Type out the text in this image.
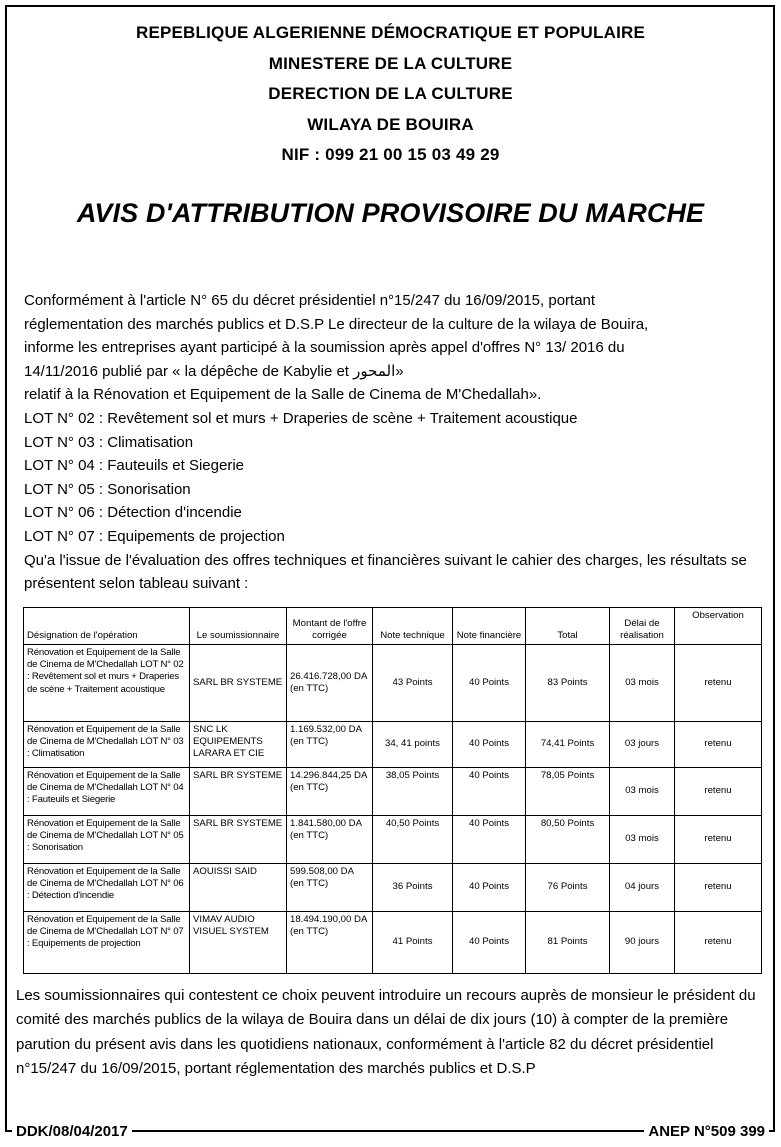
REPEBLIQUE ALGERIENNE DÉMOCRATIQUE ET POPULAIRE
MINESTERE DE LA CULTURE
DERECTION DE LA CULTURE
WILAYA DE BOUIRA
NIF : 099 21 00 15 03 49 29
AVIS D'ATTRIBUTION PROVISOIRE DU MARCHE
Conformément à l'article N° 65 du décret présidentiel n°15/247 du 16/09/2015, portant
réglementation des marchés publics et D.S.P Le directeur de la culture de la wilaya de Bouira,
informe les entreprises ayant participé à la soumission après appel d'offres N° 13/ 2016 du
14/11/2016 publié par « la dépêche de Kabylie et المحور»
relatif à la Rénovation et Equipement de la Salle de Cinema de M'Chedallah».
LOT N° 02 : Revêtement sol et murs + Draperies de scène + Traitement acoustique
LOT N° 03 : Climatisation
LOT N° 04 : Fauteuils et Siegerie
LOT N° 05 : Sonorisation
LOT N° 06 : Détection d'incendie
LOT N° 07 : Equipements de projection
Qu'a l'issue de l'évaluation des offres techniques et financières suivant le cahier des charges, les résultats se présentent selon tableau suivant :
Désignation de l'opération	Le soumissionnaire	Montant de l'offre corrigée	Note technique	Note financière	Total	Délai de réalisation	Observation
Rénovation et Equipement de la Salle de Cinema de M'Chedallah LOT N° 02 : Revêtement sol et murs + Draperies de scène + Traitement acoustique	SARL BR SYSTEME	26.416.728,00 DA (en TTC)	43 Points	40 Points	83 Points	03 mois	retenu
Rénovation et Equipement de la Salle de Cinema de M'Chedallah LOT N° 03 : Climatisation	SNC LK EQUIPEMENTS LARARA ET CIE	1.169.532,00 DA (en TTC)	34, 41 points	40 Points	74,41 Points	03 jours	retenu
Rénovation et Equipement de la Salle de Cinema de M'Chedallah LOT N° 04 : Fauteuils et Siegerie	SARL BR SYSTEME	14.296.844,25 DA (en TTC)	38,05 Points	40 Points	78,05 Points	03 mois	retenu
Rénovation et Equipement de la Salle de Cinema de M'Chedallah LOT N° 05 : Sonorisation	SARL BR SYSTEME	1.841.580,00 DA (en TTC)	40,50 Points	40 Points	80,50 Points	03 mois	retenu
Rénovation et Equipement de la Salle de Cinema de M'Chedallah LOT N° 06 : Détection d'incendie	AOUISSI SAID	599.508,00 DA (en TTC)	36 Points	40 Points	76 Points	04 jours	retenu
Rénovation et Equipement de la Salle de Cinema de M'Chedallah LOT N° 07 : Equipements de projection	VIMAV AUDIO VISUEL SYSTEM	18.494.190,00 DA (en TTC)	41 Points	40 Points	81 Points	90 jours	retenu
Les soumissionnaires qui contestent ce choix peuvent introduire un recours auprès de monsieur le président du comité des marchés publics de la wilaya de Bouira dans un délai de dix jours (10) à compter de la première parution du présent avis dans les quotidiens nationaux, conformément à l'article 82 du décret présidentiel n°15/247 du 16/09/2015, portant réglementation des marchés publics et D.S.P
DDK/08/04/2017	ANEP N°509 399
